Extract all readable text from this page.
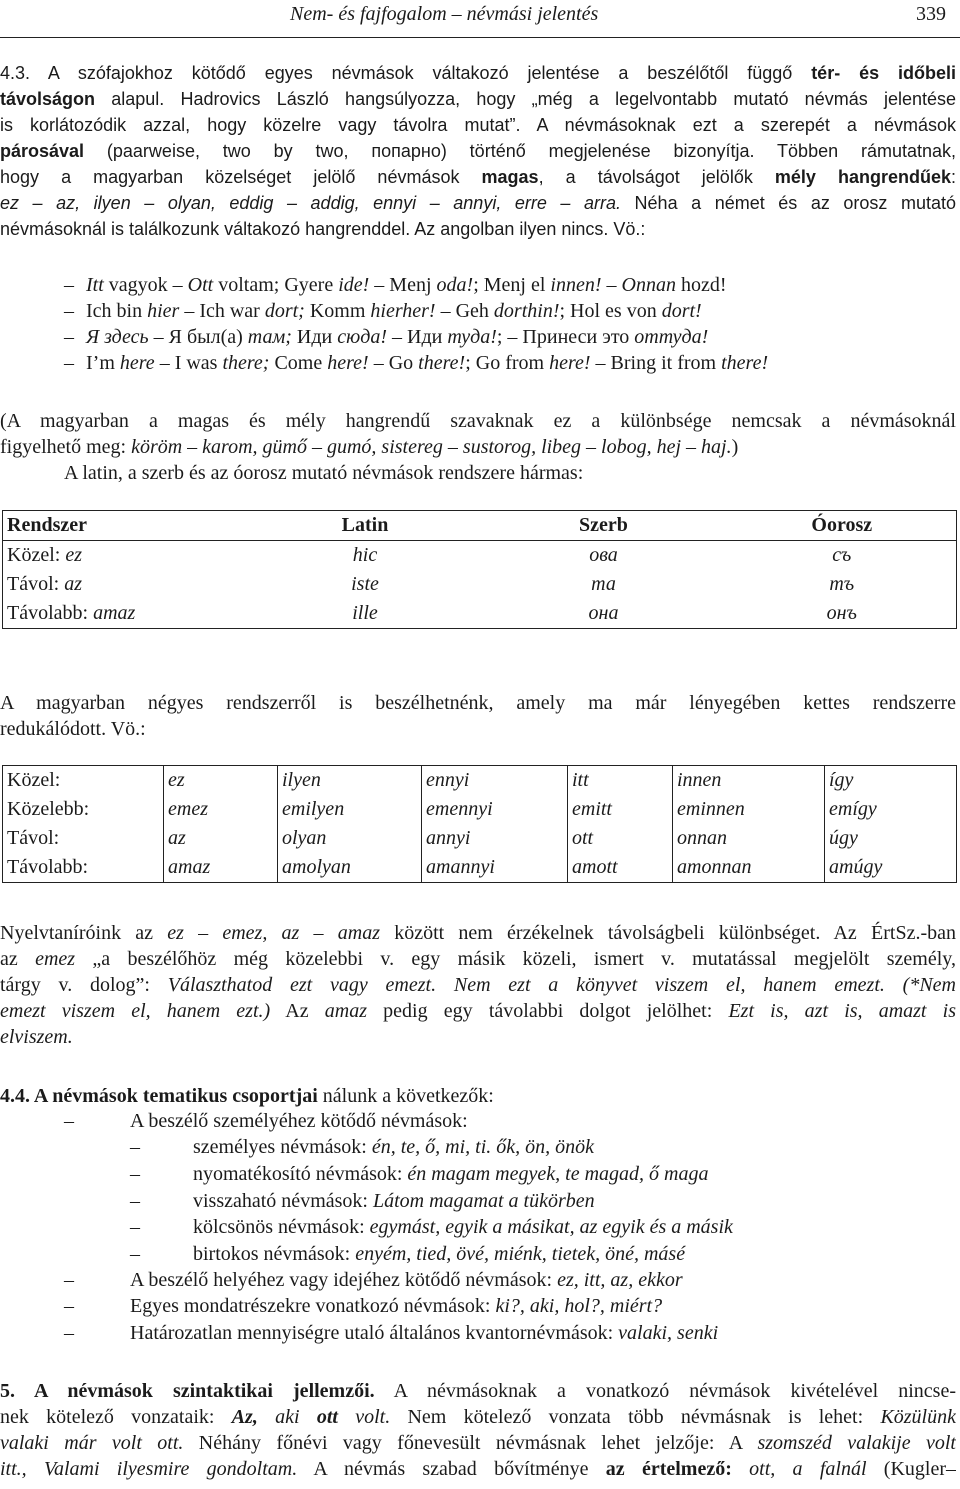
Nem- és fajfogalom – névmási jelentés	339
4.3. A szófajokhoz kötődő egyes névmások váltakozó jelentése a beszélőtől függő tér- és időbeli
távolságon alapul. Hadrovics László hangsúlyozza, hogy „még a legelvontabb mutató névmás jelentése
is korlátozódik azzal, hogy közelre vagy távolra mutat”. A névmásoknak ezt a szerepét a névmások
párosával (paarweise, two by two, попарно) történő megjelenése bizonyítja. Többen rámutatnak,
hogy a magyarban közelséget jelölő névmások magas, a távolságot jelölők mély hangrendűek:
ez – az, ilyen – olyan, eddig – addig, ennyi – annyi, erre – arra. Néha a német és az orosz mutató
névmásoknál is találkozunk váltakozó hangrenddel. Az angolban ilyen nincs. Vö.:
– Itt vagyok – Ott voltam; Gyere ide! – Menj oda!; Menj el innen! – Onnan hozd!
– Ich bin hier – Ich war dort; Komm hierher! – Geh dorthin!; Hol es von dort!
– Я здесь – Я был(а) там; Иди сюда! – Иди туда!; – Принеси это оттуда!
– I’m here – I was there; Come here! – Go there!; Go from here! – Bring it from there!
(A magyarban a magas és mély hangrendű szavaknak ez a különbsége nemcsak a névmásoknál
figyelhető meg: köröm – karom, gümő – gumó, sistereg – sustorog, libeg – lobog, hej – haj.)
A latin, a szerb és az óorosz mutató névmások rendszere hármas:
Rendszer	Latin	Szerb	Óorosz
Közel: ez	hic	ова	съ
Távol: az	iste	та	тъ
Távolabb: amaz	ille	она	онъ
A magyarban négyes rendszerről is beszélhetnénk, amely ma már lényegében kettes rendszerre
redukálódott. Vö.:
Közel:	ez	ilyen	ennyi	itt	innen	így
Közelebb:	emez	emilyen	emennyi	emitt	eminnen	emígy
Távol:	az	olyan	annyi	ott	onnan	úgy
Távolabb:	amaz	amolyan	amannyi	amott	amonnan	amúgy
Nyelvtaníróink az ez – emez, az – amaz között nem érzékelnek távolságbeli különbséget. Az ÉrtSz.-ban
az emez „a beszélőhöz még közelebbi v. egy másik közeli, ismert v. mutatással megjelölt személy,
tárgy v. dolog”: Választhatod ezt vagy emezt. Nem ezt a könyvet viszem el, hanem emezt. (*Nem
emezt viszem el, hanem ezt.) Az amaz pedig egy távolabbi dolgot jelölhet: Ezt is, azt is, amazt is
elviszem.
4.4. A névmások tematikus csoportjai nálunk a következők:
–	A beszélő személyéhez kötődő névmások:
–	személyes névmások: én, te, ő, mi, ti. ők, ön, önök
–	nyomatékosító névmások: én magam megyek, te magad, ő maga
–	visszaható névmások: Látom magamat a tükörben
–	kölcsönös névmások: egymást, egyik a másikat, az egyik és a másik
–	birtokos névmások: enyém, tied, övé, miénk, tietek, öné, másé
–	A beszélő helyéhez vagy idejéhez kötődő névmások: ez, itt, az, ekkor
–	Egyes mondatrészekre vonatkozó névmások: ki?, aki, hol?, miért?
–	Határozatlan mennyiségre utaló általános kvantornévmások: valaki, senki
5. A névmások szintaktikai jellemzői. A névmásoknak a vonatkozó névmások kivételével nincse-
nek kötelező vonzataik: Az, aki ott volt. Nem kötelező vonzata több névmásnak is lehet: Közülünk
valaki már volt ott. Néhány főnévi vagy főnevesült névmásnak lehet jelzője: A szomszéd valakije volt
itt., Valami ilyesmire gondoltam. A névmás szabad bővítménye az értelmező: ott, a falnál (Kugler–
